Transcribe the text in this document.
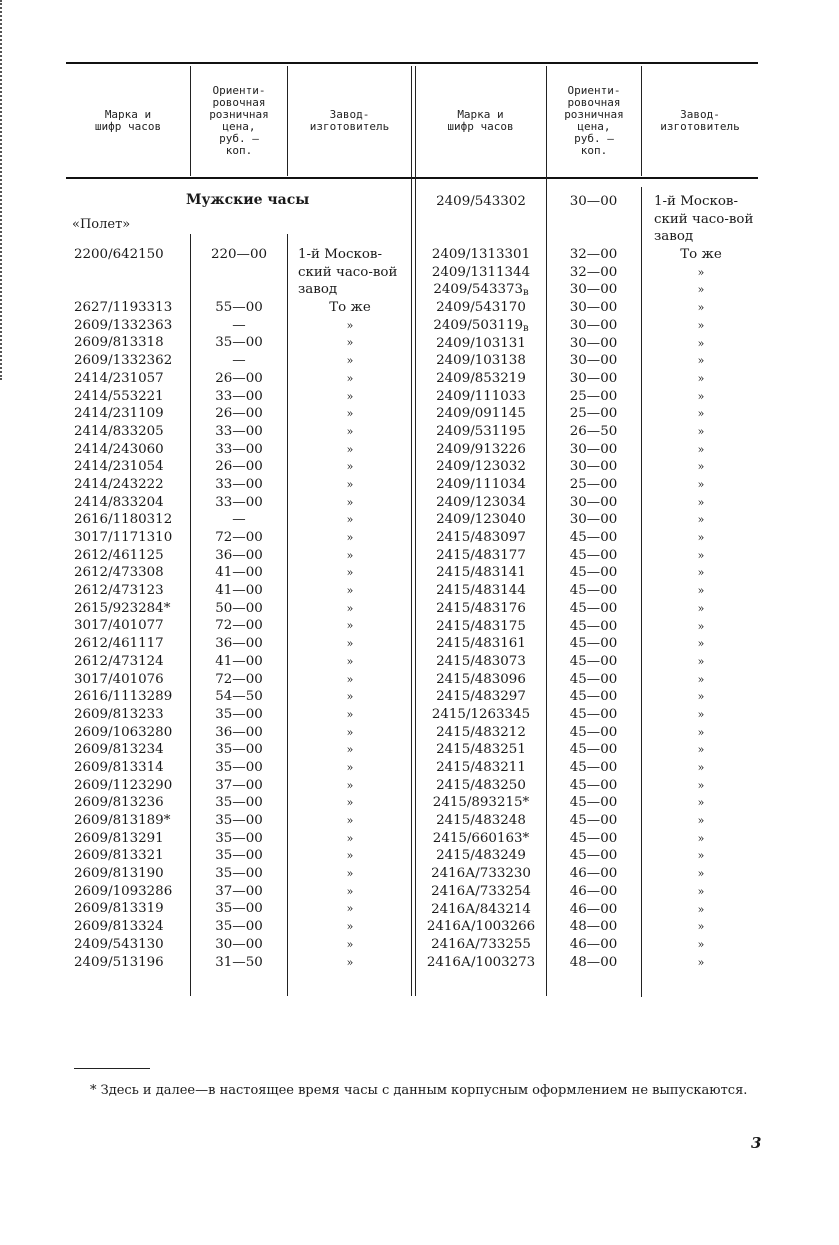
Марка и
шифр часов
Ориенти-
ровочная
розничная
цена,
руб. —
коп.
Завод-
изготовитель
Марка и
шифр часов
Ориенти-
ровочная
розничная
цена,
руб. —
коп.
Завод-
изготовитель
Мужские часы
«Полет»
2200/642150
2627/1193313
2609/1332363
2609/813318
2609/1332362
2414/231057
2414/553221
2414/231109
2414/833205
2414/243060
2414/231054
2414/243222
2414/833204
2616/1180312
3017/1171310
2612/461125
2612/473308
2612/473123
2615/923284*
3017/401077
2612/461117
2612/473124
3017/401076
2616/1113289
2609/813233
2609/1063280
2609/813234
2609/813314
2609/1123290
2609/813236
2609/813189*
2609/813291
2609/813321
2609/813190
2609/1093286
2609/813319
2609/813324
2409/543130
2409/513196
220—00
55—00
—
35—00
—
26—00
33—00
26—00
33—00
33—00
26—00
33—00
33—00
—
72—00
36—00
41—00
41—00
50—00
72—00
36—00
41—00
72—00
54—50
35—00
36—00
35—00
35—00
37—00
35—00
35—00
35—00
35—00
35—00
37—00
35—00
35—00
30—00
31—50
1-й Москов-ский часо-вой завод
То же
»
»
»
»
»
»
»
»
»
»
»
»
»
»
»
»
»
»
»
»
»
»
»
»
»
»
»
»
»
»
»
»
»
»
»
»
»
2409/543302
2409/1313301
2409/1311344
$2409/543373_в$
2409/543170
$2409/503119_в$
2409/103131
2409/103138
2409/853219
2409/111033
2409/091145
2409/531195
2409/913226
2409/123032
2409/111034
2409/123034
2409/123040
2415/483097
2415/483177
2415/483141
2415/483144
2415/483176
2415/483175
2415/483161
2415/483073
2415/483096
2415/483297
2415/1263345
2415/483212
2415/483251
2415/483211
2415/483250
2415/893215*
2415/483248
2415/660163*
2415/483249
2416А/733230
2416А/733254
2416А/843214
2416А/1003266
2416А/733255
2416А/1003273
30—00
32—00
32—00
30—00
30—00
30—00
30—00
30—00
30—00
25—00
25—00
26—50
30—00
30—00
25—00
30—00
30—00
45—00
45—00
45—00
45—00
45—00
45—00
45—00
45—00
45—00
45—00
45—00
45—00
45—00
45—00
45—00
45—00
45—00
45—00
45—00
46—00
46—00
46—00
48—00
46—00
48—00
1-й Москов-ский часо-вой завод
То же
»
»
»
»
»
»
»
»
»
»
»
»
»
»
»
»
»
»
»
»
»
»
»
»
»
»
»
»
»
»
»
»
»
»
»
»
»
»
»
»
* Здесь и далее—в настоящее время часы с данным корпусным оформлением не выпускаются.
3
